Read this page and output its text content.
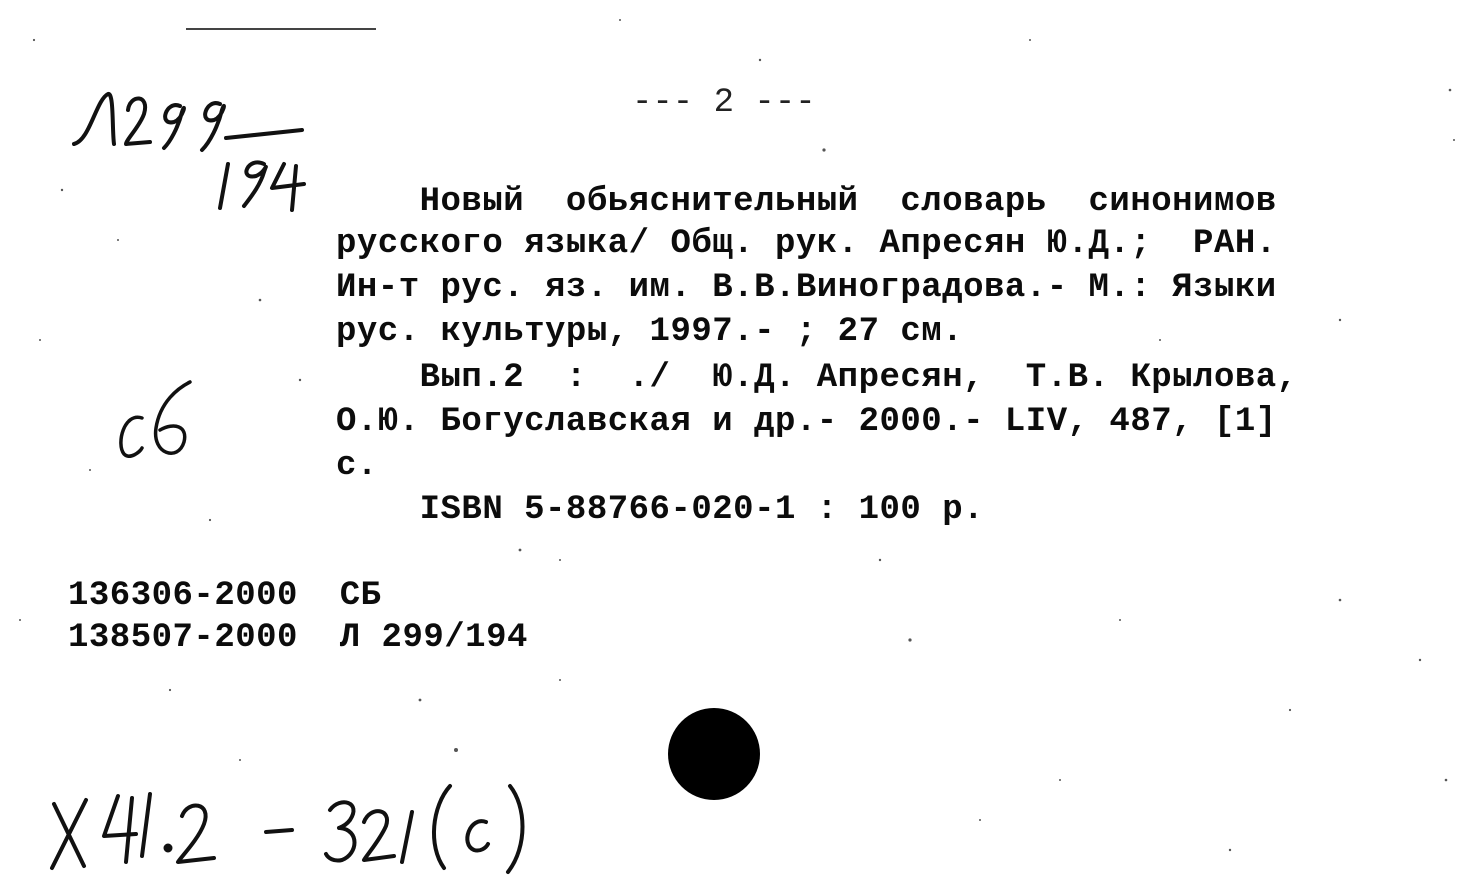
--- 2 ---
Новый  обьяснительный  словарь  синонимов
русского языка/ Общ. рук. Апресян Ю.Д.;  РАН.
Ин-т рус. яз. им. В.В.Виноградова.- М.: Языки
рус. культуры, 1997.- ; 27 см.
Вып.2  :  ./  Ю.Д. Апресян,  Т.В. Крылова,
О.Ю. Богуславская и др.- 2000.- LIV, 487, [1]
с.
ISBN 5-88766-020-1 : 100 р.
136306-2000  СБ
138507-2000  Л 299/194
